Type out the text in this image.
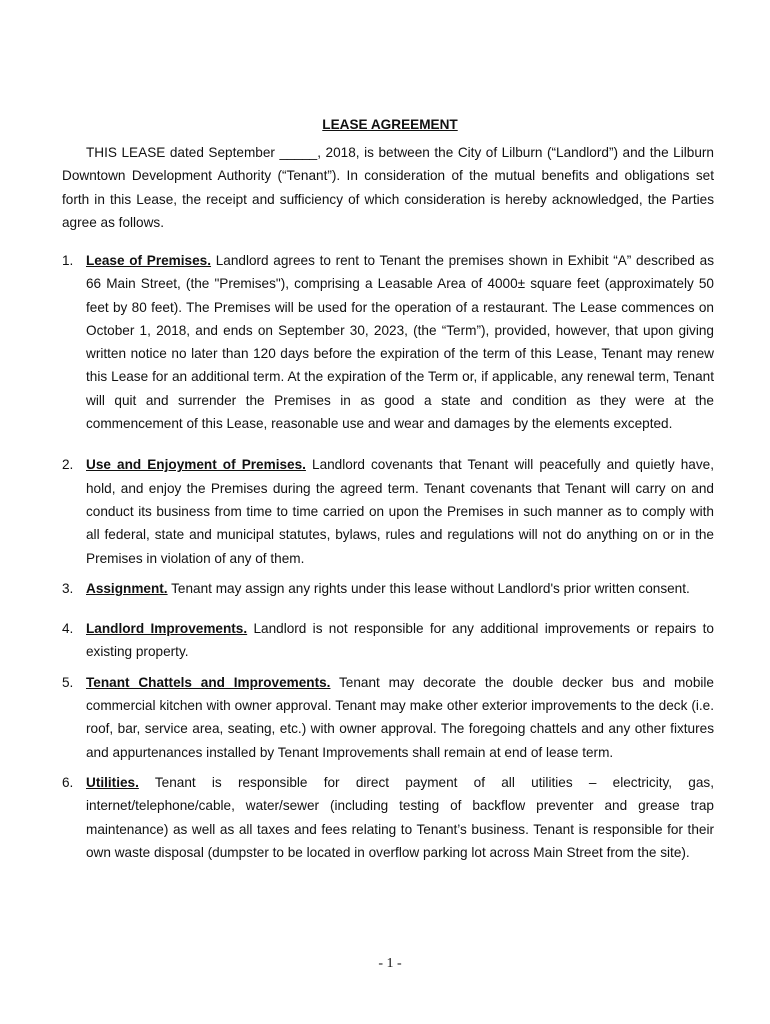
LEASE AGREEMENT

THIS LEASE dated September _____, 2018, is between the City of Lilburn (“Landlord”) and the Lilburn Downtown Development Authority (“Tenant”). In consideration of the mutual benefits and obligations set forth in this Lease, the receipt and sufficiency of which consideration is hereby acknowledged, the Parties agree as follows.

1. Lease of Premises. Landlord agrees to rent to Tenant the premises shown in Exhibit “A” described as 66 Main Street, (the "Premises"), comprising a Leasable Area of 4000± square feet (approximately 50 feet by 80 feet). The Premises will be used for the operation of a restaurant. The Lease commences on October 1, 2018, and ends on September 30, 2023, (the “Term”), provided, however, that upon giving written notice no later than 120 days before the expiration of the term of this Lease, Tenant may renew this Lease for an additional term. At the expiration of the Term or, if applicable, any renewal term, Tenant will quit and surrender the Premises in as good a state and condition as they were at the commencement of this Lease, reasonable use and wear and damages by the elements excepted.
2. Use and Enjoyment of Premises. Landlord covenants that Tenant will peacefully and quietly have, hold, and enjoy the Premises during the agreed term. Tenant covenants that Tenant will carry on and conduct its business from time to time carried on upon the Premises in such manner as to comply with all federal, state and municipal statutes, bylaws, rules and regulations will not do anything on or in the Premises in violation of any of them.
3. Assignment. Tenant may assign any rights under this lease without Landlord's prior written consent.
4. Landlord Improvements. Landlord is not responsible for any additional improvements or repairs to existing property.
5. Tenant Chattels and Improvements. Tenant may decorate the double decker bus and mobile commercial kitchen with owner approval. Tenant may make other exterior improvements to the deck (i.e. roof, bar, service area, seating, etc.) with owner approval. The foregoing chattels and any other fixtures and appurtenances installed by Tenant Improvements shall remain at end of lease term.
6. Utilities. Tenant is responsible for direct payment of all utilities – electricity, gas, internet/telephone/cable, water/sewer (including testing of backflow preventer and grease trap maintenance) as well as all taxes and fees relating to Tenant’s business. Tenant is responsible for their own waste disposal (dumpster to be located in overflow parking lot across Main Street from the site).
- 1 -
